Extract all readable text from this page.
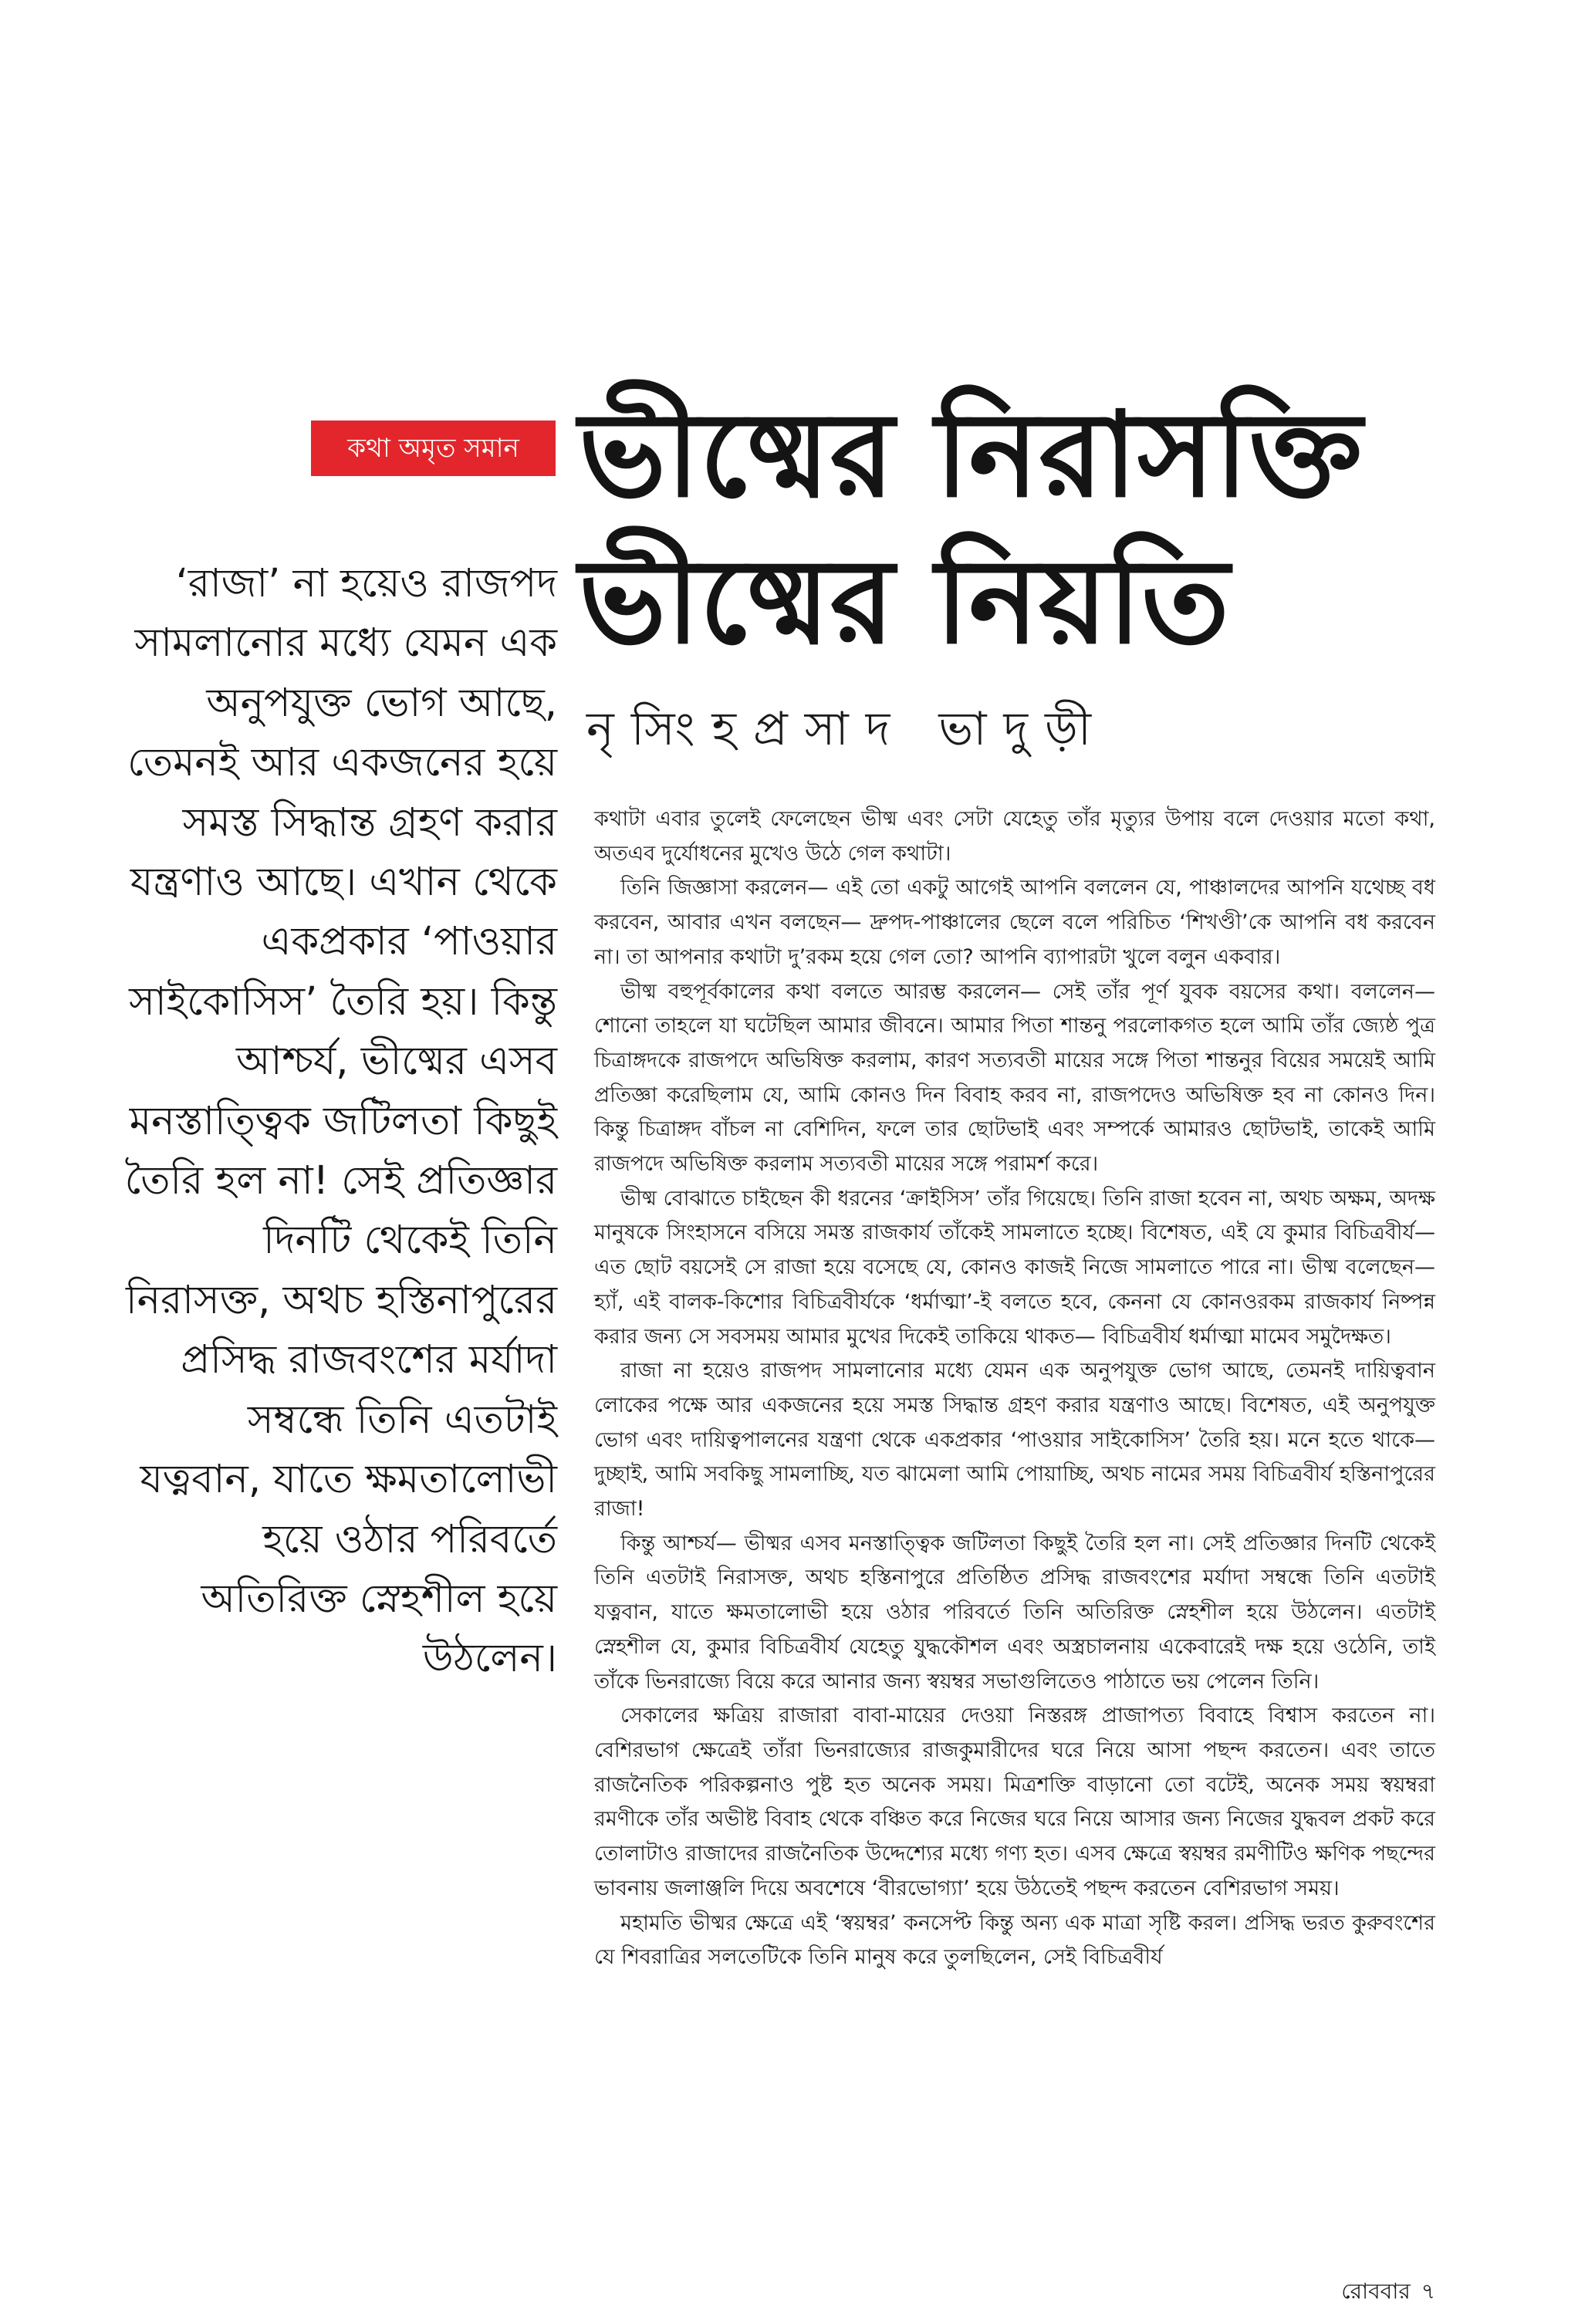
কথা অমৃত সমান ভীষ্মের নিরাসক্তি
ভীষ্মের নিয়তি
নৃসিংহপ্রসাদ ভাদুড়ী

‘রাজা’ না হয়েও রাজপদ সামলানোর মধ্যে যেমন এক অনুপযুক্ত ভোগ আছে, তেমনই আর একজনের হয়ে সমস্ত সিদ্ধান্ত গ্রহণ করার যন্ত্রণাও আছে। এখান থেকে একপ্রকার ‘পাওয়ার সাইকোসিস’ তৈরি হয়। কিন্তু আশ্চর্য, ভীষ্মের এসব মনস্তাত্ত্বিক জটিলতা কিছুই তৈরি হল না! সেই প্রতিজ্ঞার দিনটি থেকেই তিনি নিরাসক্ত, অথচ হস্তিনাপুরের প্রসিদ্ধ রাজবংশের মর্যাদা সম্বন্ধে তিনি এতটাই যত্নবান, যাতে ক্ষমতালোভী হয়ে ওঠার পরিবর্তে অতিরিক্ত স্নেহশীল হয়ে উঠলেন।

কথাটা এবার তুলেই ফেলেছেন ভীষ্ম এবং সেটা যেহেতু তাঁর মৃত্যুর উপায় বলে দেওয়ার মতো কথা, অতএব দুর্যোধনের মুখেও উঠে গেল কথাটা।

তিনি জিজ্ঞাসা করলেন— এই তো একটু আগেই আপনি বললেন যে, পাঞ্চালদের আপনি যথেচ্ছ বধ করবেন, আবার এখন বলছেন— দ্রুপদ-পাঞ্চালের ছেলে বলে পরিচিত ‘শিখণ্ডী’কে আপনি বধ করবেন না। তা আপনার কথাটা দু’রকম হয়ে গেল তো? আপনি ব্যাপারটা খুলে বলুন একবার।

ভীষ্ম বহুপূর্বকালের কথা বলতে আরম্ভ করলেন— সেই তাঁর পূর্ণ যুবক বয়সের কথা। বললেন— শোনো তাহলে যা ঘটেছিল আমার জীবনে। আমার পিতা শান্তনু পরলোকগত হলে আমি তাঁর জ্যেষ্ঠ পুত্র চিত্রাঙ্গদকে রাজপদে অভিষিক্ত করলাম, কারণ সত্যবতী মায়ের সঙ্গে পিতা শান্তনুর বিয়ের সময়েই আমি প্রতিজ্ঞা করেছিলাম যে, আমি কোনও দিন বিবাহ করব না, রাজপদেও অভিষিক্ত হব না কোনও দিন। কিন্তু চিত্রাঙ্গদ বাঁচল না বেশিদিন, ফলে তার ছোটভাই এবং সম্পর্কে আমারও ছোটভাই, তাকেই আমি রাজপদে অভিষিক্ত করলাম সত্যবতী মায়ের সঙ্গে পরামর্শ করে।

ভীষ্ম বোঝাতে চাইছেন কী ধরনের ‘ক্রাইসিস’ তাঁর গিয়েছে। তিনি রাজা হবেন না, অথচ অক্ষম, অদক্ষ মানুষকে সিংহাসনে বসিয়ে সমস্ত রাজকার্য তাঁকেই সামলাতে হচ্ছে। বিশেষত, এই যে কুমার বিচিত্রবীর্য— এত ছোট বয়সেই সে রাজা হয়ে বসেছে যে, কোনও কাজই নিজে সামলাতে পারে না। ভীষ্ম বলেছেন— হ্যাঁ, এই বালক-কিশোর বিচিত্রবীর্যকে ‘ধর্মাত্মা’-ই বলতে হবে, কেননা যে কোনওরকম রাজকার্য নিষ্পন্ন করার জন্য সে সবসময় আমার মুখের দিকেই তাকিয়ে থাকত— বিচিত্রবীর্য ধর্মাত্মা মামেব সমুদৈক্ষত।

রাজা না হয়েও রাজপদ সামলানোর মধ্যে যেমন এক অনুপযুক্ত ভোগ আছে, তেমনই দায়িত্ববান লোকের পক্ষে আর একজনের হয়ে সমস্ত সিদ্ধান্ত গ্রহণ করার যন্ত্রণাও আছে। বিশেষত, এই অনুপযুক্ত ভোগ এবং দায়িত্বপালনের যন্ত্রণা থেকে একপ্রকার ‘পাওয়ার সাইকোসিস’ তৈরি হয়। মনে হতে থাকে— দুচ্ছাই, আমি সবকিছু সামলাচ্ছি, যত ঝামেলা আমি পোয়াচ্ছি, অথচ নামের সময় বিচিত্রবীর্য হস্তিনাপুরের রাজা!

কিন্তু আশ্চর্য— ভীষ্মর এসব মনস্তাত্ত্বিক জটিলতা কিছুই তৈরি হল না। সেই প্রতিজ্ঞার দিনটি থেকেই তিনি এতটাই নিরাসক্ত, অথচ হস্তিনাপুরে প্রতিষ্ঠিত প্রসিদ্ধ রাজবংশের মর্যাদা সম্বন্ধে তিনি এতটাই যত্নবান, যাতে ক্ষমতালোভী হয়ে ওঠার পরিবর্তে তিনি অতিরিক্ত স্নেহশীল হয়ে উঠলেন। এতটাই স্নেহশীল যে, কুমার বিচিত্রবীর্য যেহেতু যুদ্ধকৌশল এবং অস্ত্রচালনায় একেবারেই দক্ষ হয়ে ওঠেনি, তাই তাঁকে ভিনরাজ্যে বিয়ে করে আনার জন্য স্বয়ম্বর সভাগুলিতেও পাঠাতে ভয় পেলেন তিনি।

সেকালের ক্ষত্রিয় রাজারা বাবা-মায়ের দেওয়া নিস্তরঙ্গ প্রাজাপত্য বিবাহে বিশ্বাস করতেন না। বেশিরভাগ ক্ষেত্রেই তাঁরা ভিনরাজ্যের রাজকুমারীদের ঘরে নিয়ে আসা পছন্দ করতেন। এবং তাতে রাজনৈতিক পরিকল্পনাও পুষ্ট হত অনেক সময়। মিত্রশক্তি বাড়ানো তো বটেই, অনেক সময় স্বয়ম্বরা রমণীকে তাঁর অভীষ্ট বিবাহ থেকে বঞ্চিত করে নিজের ঘরে নিয়ে আসার জন্য নিজের যুদ্ধবল প্রকট করে তোলাটাও রাজাদের রাজনৈতিক উদ্দেশ্যের মধ্যে গণ্য হত। এসব ক্ষেত্রে স্বয়ম্বর রমণীটিও ক্ষণিক পছন্দের ভাবনায় জলাঞ্জলি দিয়ে অবশেষে ‘বীরভোগ্যা’ হয়ে উঠতেই পছন্দ করতেন বেশিরভাগ সময়।

মহামতি ভীষ্মর ক্ষেত্রে এই ‘স্বয়ম্বর’ কনসেপ্ট কিন্তু অন্য এক মাত্রা সৃষ্টি করল। প্রসিদ্ধ ভরত কুরুবংশের যে শিবরাত্রির সলতেটিকে তিনি মানুষ করে তুলছিলেন, সেই বিচিত্রবীর্য

রোববার ৭
